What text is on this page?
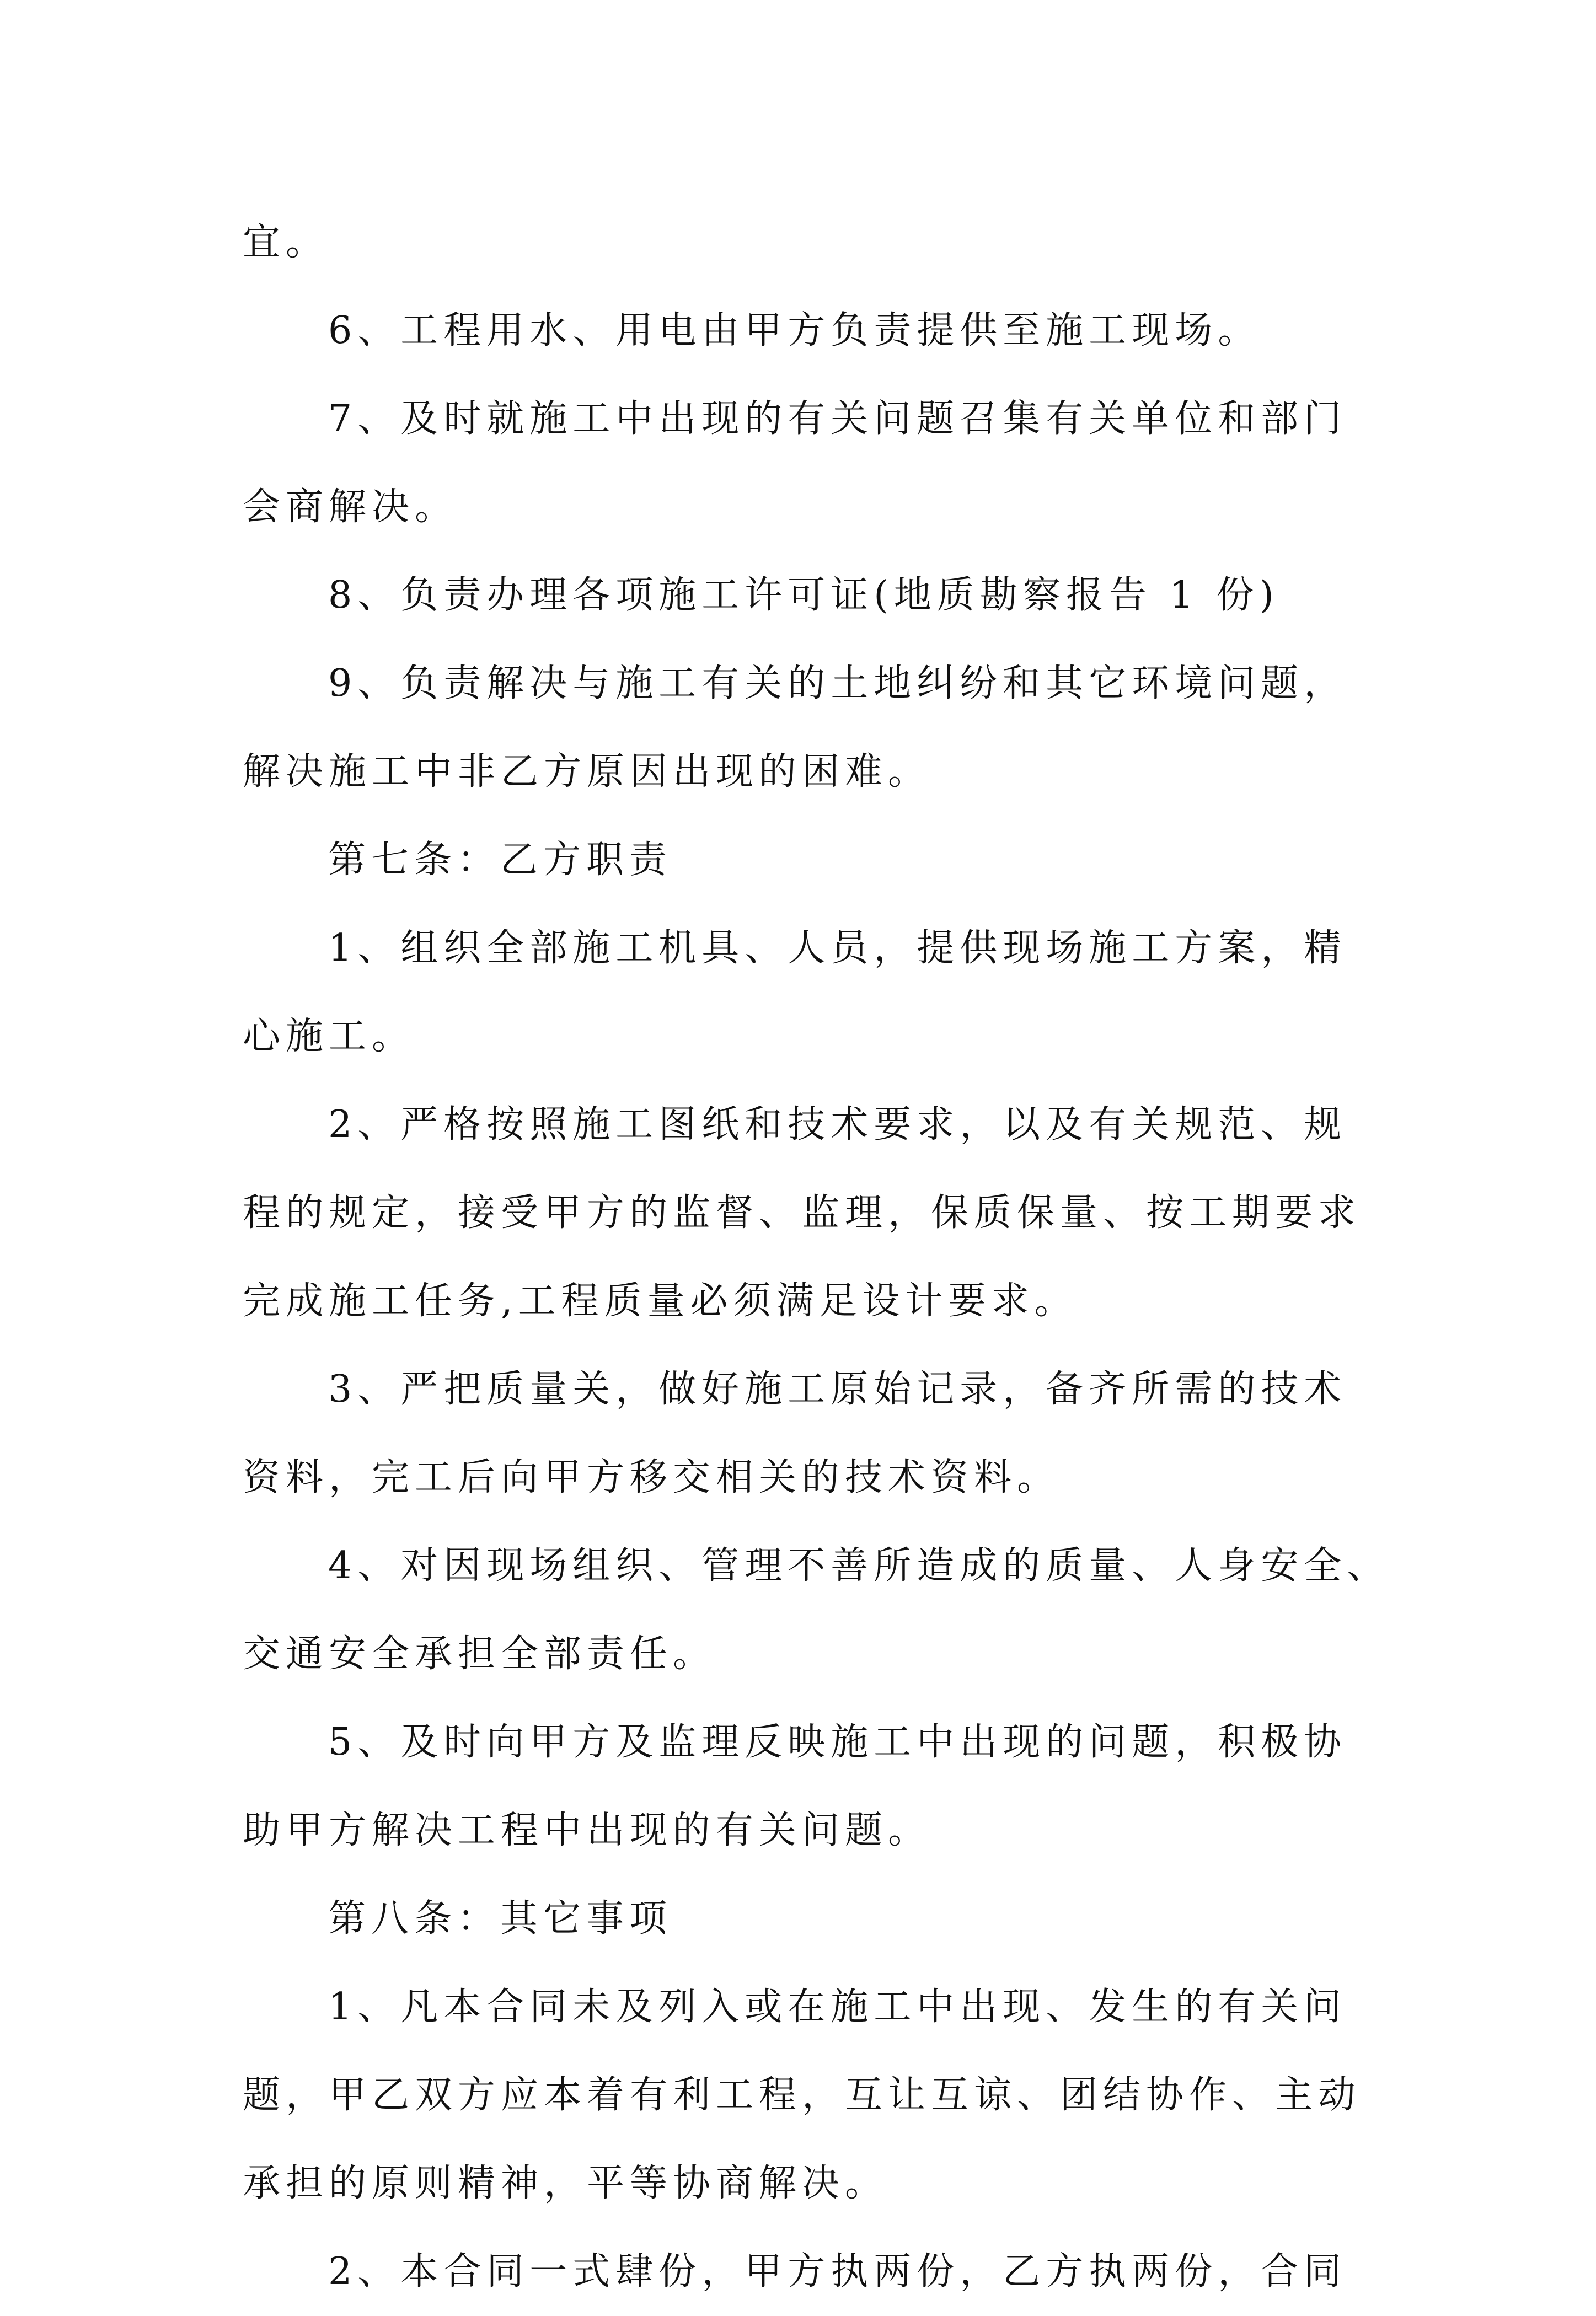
宜。
6、工程用水、用电由甲方负责提供至施工现场。
7、及时就施工中出现的有关问题召集有关单位和部门
会商解决。
8、负责办理各项施工许可证(地质勘察报告 1 份)
9、负责解决与施工有关的土地纠纷和其它环境问题，
解决施工中非乙方原因出现的困难。
第七条：乙方职责
1、组织全部施工机具、人员，提供现场施工方案，精
心施工。
2、严格按照施工图纸和技术要求，以及有关规范、规
程的规定，接受甲方的监督、监理，保质保量、按工期要求
完成施工任务,工程质量必须满足设计要求。
3、严把质量关，做好施工原始记录，备齐所需的技术
资料，完工后向甲方移交相关的技术资料。
4、对因现场组织、管理不善所造成的质量、人身安全、
交通安全承担全部责任。
5、及时向甲方及监理反映施工中出现的问题，积极协
助甲方解决工程中出现的有关问题。
第八条：其它事项
1、凡本合同未及列入或在施工中出现、发生的有关问
题，甲乙双方应本着有利工程，互让互谅、团结协作、主动
承担的原则精神，平等协商解决。
2、本合同一式肆份，甲方执两份，乙方执两份，合同
